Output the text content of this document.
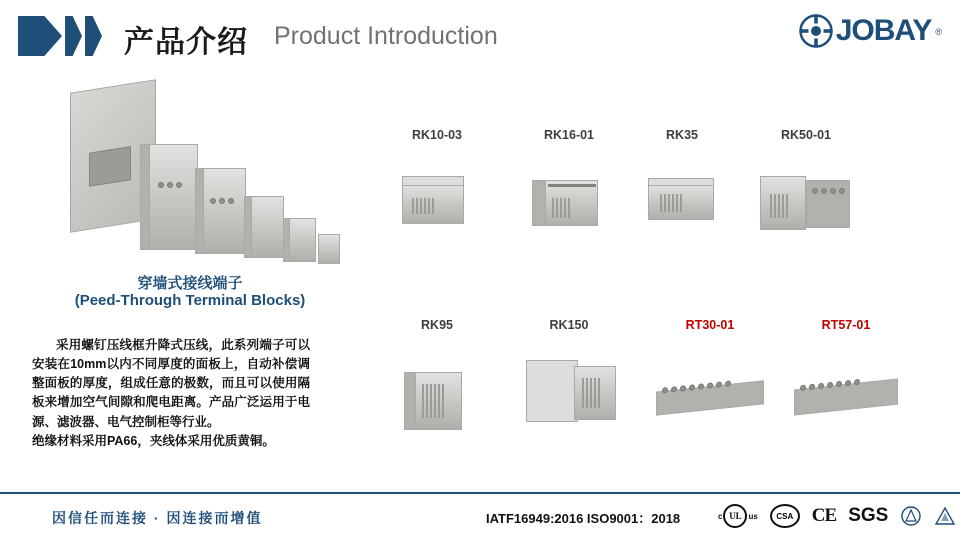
产品介绍 Product Introduction	JOBAY ®
穿墙式接线端子
(Peed-Through Terminal Blocks)
采用螺钉压线框升降式压线，此系列端子可以安装在10mm以内不同厚度的面板上，自动补偿调整面板的厚度，组成任意的极数，而且可以使用隔板来增加空气间隙和爬电距离。产品广泛运用于电源、滤波器、电气控制柜等行业。
绝缘材料采用PA66，夹线体采用优质黄铜。
RK10-03	RK16-01	RK35	RK50-01
RK95	RK150	RT30-01	RT57-01
因信任而连接 · 因连接而增值	IATF16949:2016 ISO9001：2018	c UL us	CSA CE SGS
